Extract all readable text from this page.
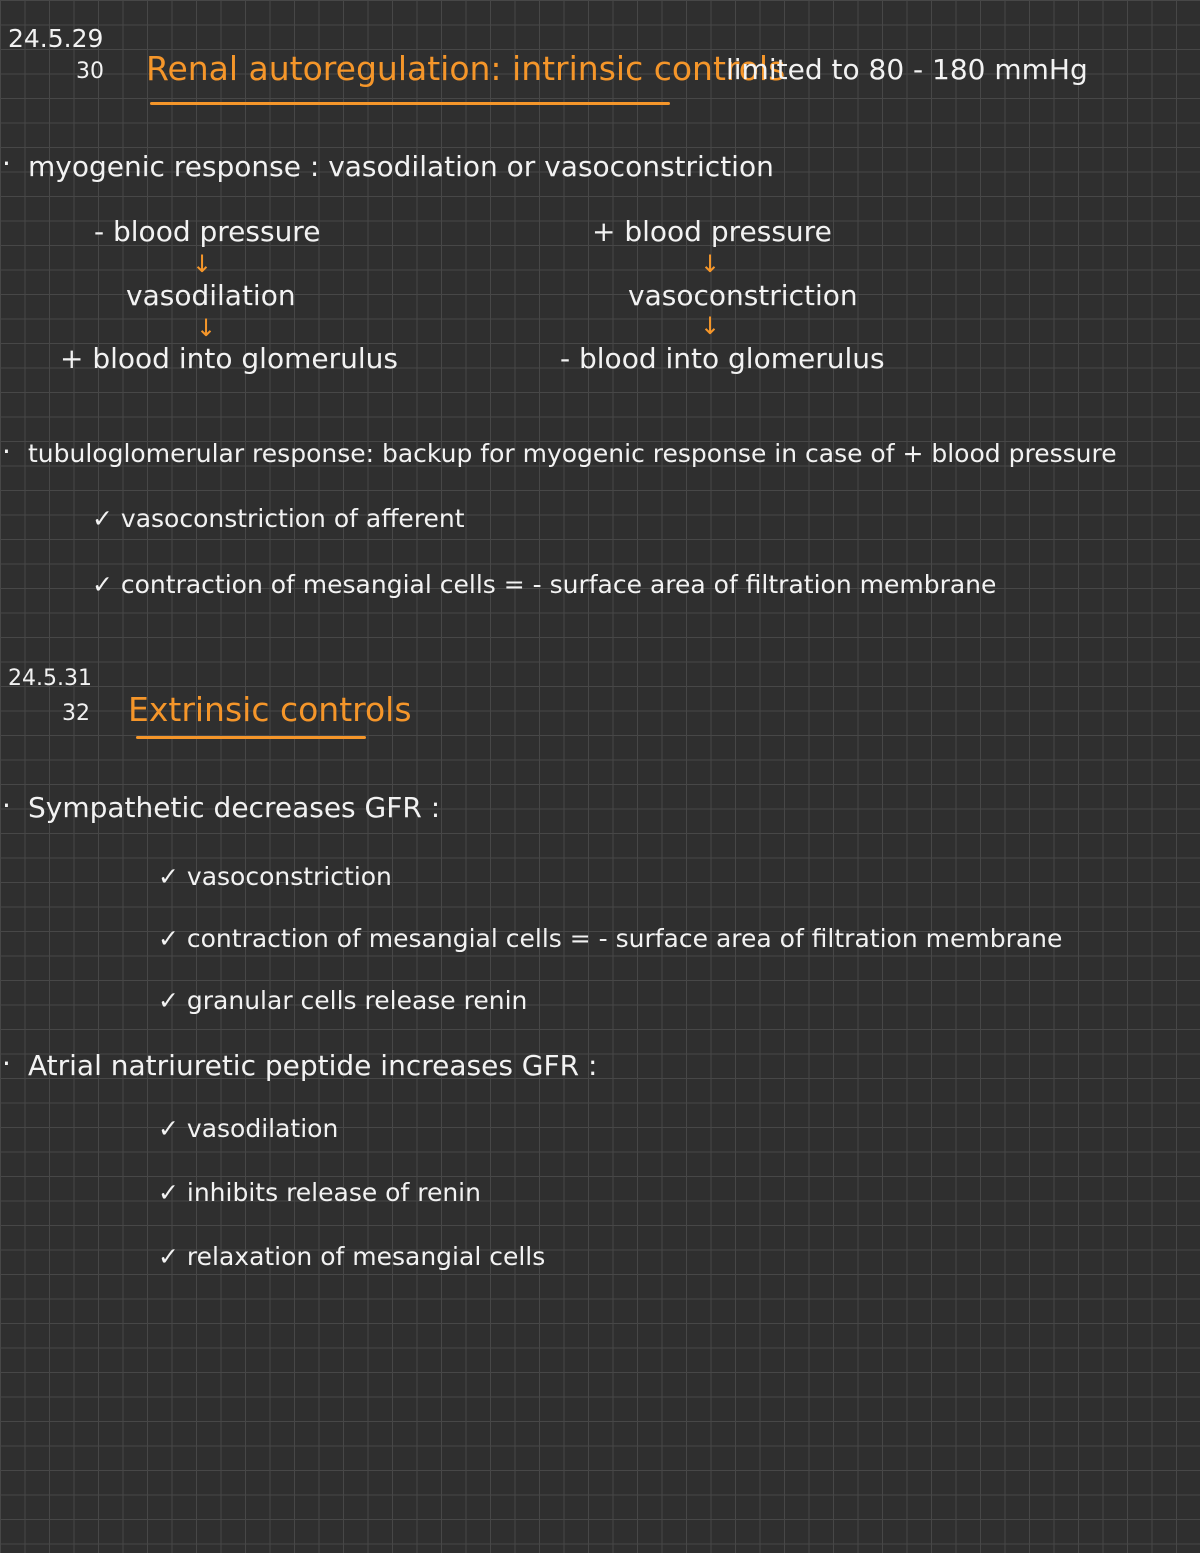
24.5.29
30 Renal autoregulation: intrinsic controls
limited to 80 - 180 mmHg
· myogenic response : vasodilation or vasoconstriction
- blood pressure
↓
vasodilation
↓
+ blood into glomerulus
+ blood pressure
↓
vasoconstriction
↓
- blood into glomerulus
· tubuloglomerular response: backup for myogenic response in case of + blood pressure
✓ vasoconstriction of afferent
✓ contraction of mesangial cells = - surface area of filtration membrane
24.5.31
32 Extrinsic controls
· Sympathetic decreases GFR :
✓ vasoconstriction
✓ contraction of mesangial cells = - surface area of filtration membrane
✓ granular cells release renin
· Atrial natriuretic peptide increases GFR :
✓ vasodilation
✓ inhibits release of renin
✓ relaxation of mesangial cells
